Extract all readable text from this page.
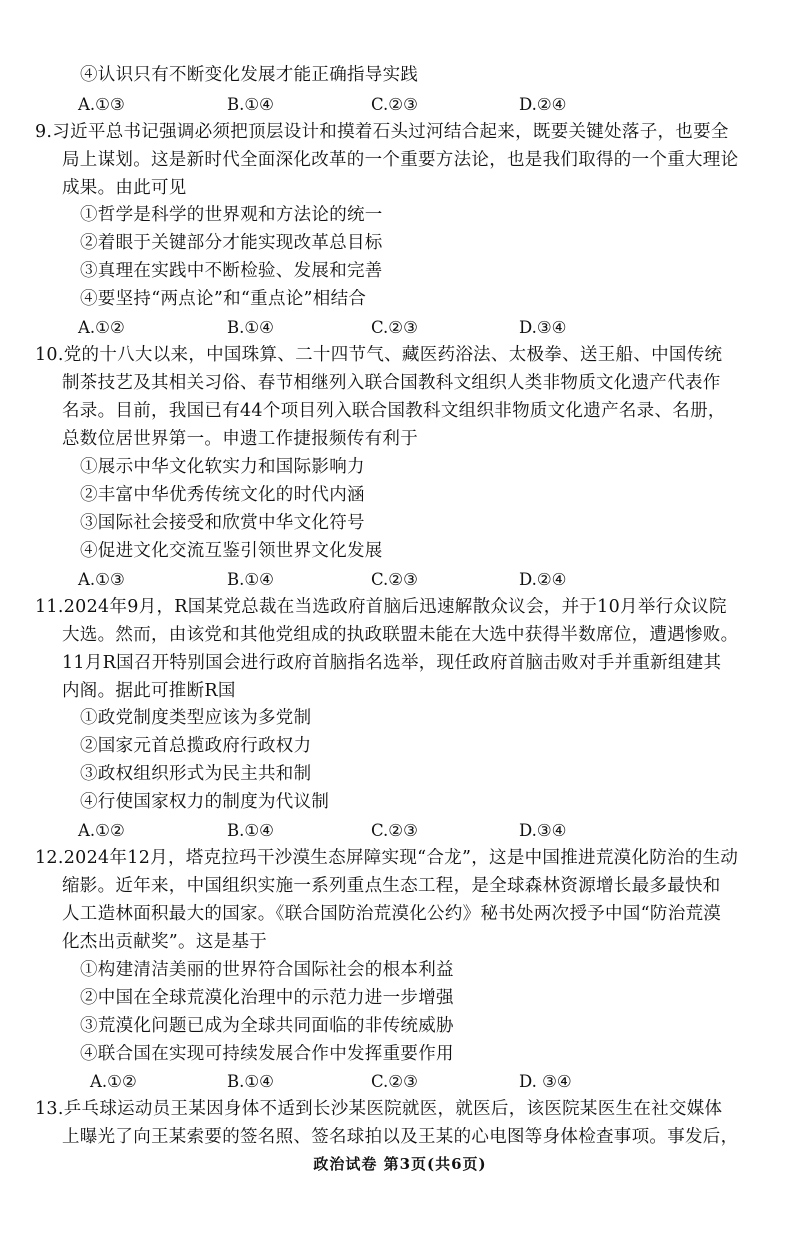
④认识只有不断变化发展才能正确指导实践
A.①③	B.①④	C.②③	D.②④
9.习近平总书记强调必须把顶层设计和摸着石头过河结合起来，既要关键处落子，也要全
局上谋划。这是新时代全面深化改革的一个重要方法论，也是我们取得的一个重大理论
成果。由此可见
①哲学是科学的世界观和方法论的统一
②着眼于关键部分才能实现改革总目标
③真理在实践中不断检验、发展和完善
④要坚持“两点论”和“重点论”相结合
A.①②	B.①④	C.②③	D.③④
10.党的十八大以来，中国珠算、二十四节气、藏医药浴法、太极拳、送王船、中国传统
制茶技艺及其相关习俗、春节相继列入联合国教科文组织人类非物质文化遗产代表作
名录。目前，我国已有44个项目列入联合国教科文组织非物质文化遗产名录、名册，
总数位居世界第一。申遗工作捷报频传有利于
①展示中华文化软实力和国际影响力
②丰富中华优秀传统文化的时代内涵
③国际社会接受和欣赏中华文化符号
④促进文化交流互鉴引领世界文化发展
A.①③	B.①④	C.②③	D.②④
11.2024年9月，R国某党总裁在当选政府首脑后迅速解散众议会，并于10月举行众议院
大选。然而，由该党和其他党组成的执政联盟未能在大选中获得半数席位，遭遇惨败。
11月R国召开特别国会进行政府首脑指名选举，现任政府首脑击败对手并重新组建其
内阁。据此可推断R国
①政党制度类型应该为多党制
②国家元首总揽政府行政权力
③政权组织形式为民主共和制
④行使国家权力的制度为代议制
A.①②	B.①④	C.②③	D.③④
12.2024年12月，塔克拉玛干沙漠生态屏障实现“合龙”，这是中国推进荒漠化防治的生动
缩影。近年来，中国组织实施一系列重点生态工程，是全球森林资源增长最多最快和
人工造林面积最大的国家。《联合国防治荒漠化公约》秘书处两次授予中国“防治荒漠
化杰出贡献奖”。这是基于
①构建清洁美丽的世界符合国际社会的根本利益
②中国在全球荒漠化治理中的示范力进一步增强
③荒漠化问题已成为全球共同面临的非传统威胁
④联合国在实现可持续发展合作中发挥重要作用
A.①②	B.①④	C.②③	D. ③④
13.乒乓球运动员王某因身体不适到长沙某医院就医，就医后，该医院某医生在社交媒体
上曝光了向王某索要的签名照、签名球拍以及王某的心电图等身体检查事项。事发后，
政治试卷 第3页(共6页)
